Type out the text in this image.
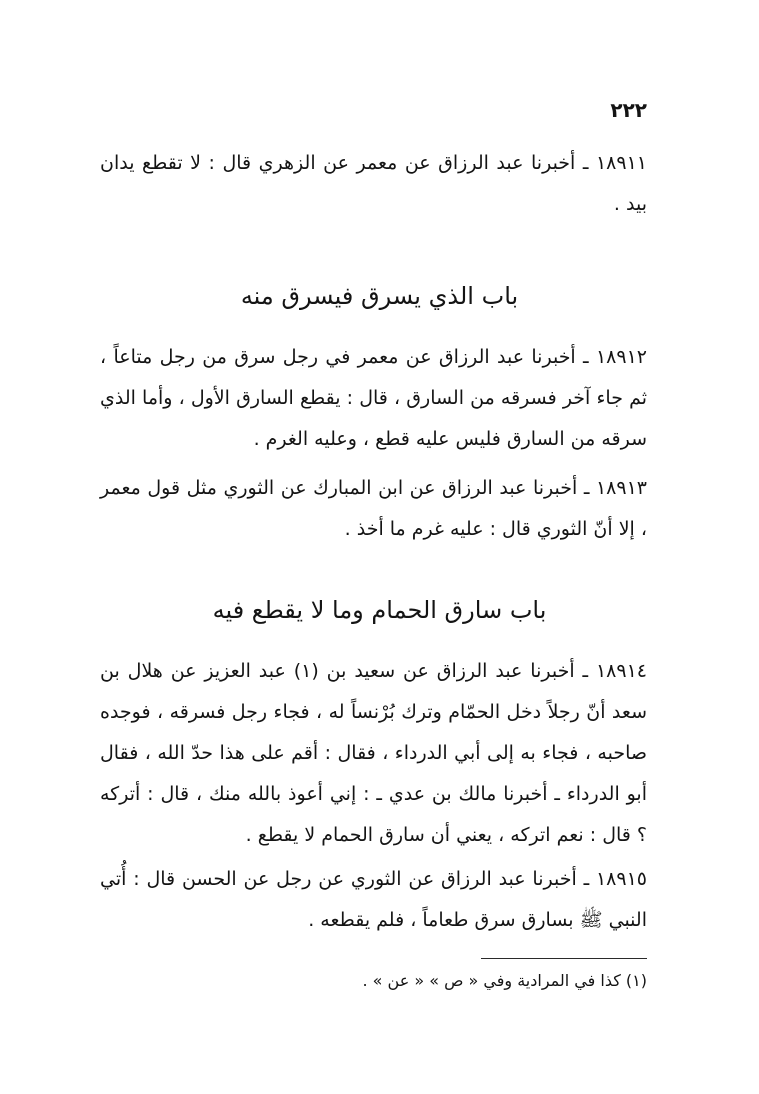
٢٢٢

١٨٩١١ ـ أخبرنا عبد الرزاق عن معمر عن الزهري قال : لا تقطع يدان بيد .

باب الذي يسرق فيسرق منه

١٨٩١٢ ـ أخبرنا عبد الرزاق عن معمر في رجل سرق من رجل متاعاً ، ثم جاء آخر فسرقه من السارق ، قال : يقطع السارق الأول ، وأما الذي سرقه من السارق فليس عليه قطع ، وعليه الغرم .

١٨٩١٣ ـ أخبرنا عبد الرزاق عن ابن المبارك عن الثوري مثل قول معمر ، إلا أنّ الثوري قال : عليه غرم ما أخذ .

باب سارق الحمام وما لا يقطع فيه

١٨٩١٤ ـ أخبرنا عبد الرزاق عن سعيد بن (١) عبد العزيز عن هلال بن سعد أنّ رجلاً دخل الحمّام وترك بُرْنساً له ، فجاء رجل فسرقه ، فوجده صاحبه ، فجاء به إلى أبي الدرداء ، فقال : أقم على هذا حدّ الله ، فقال أبو الدرداء ـ أخبرنا مالك بن عدي ـ : إني أعوذ بالله منك ، قال : أتركه ؟ قال : نعم اتركه ، يعني أن سارق الحمام لا يقطع .

١٨٩١٥ ـ أخبرنا عبد الرزاق عن الثوري عن رجل عن الحسن قال : أُتي النبي ﷺ بسارق سرق طعاماً ، فلم يقطعه .

(١) كذا في المرادية وفي « ص » « عن » .
